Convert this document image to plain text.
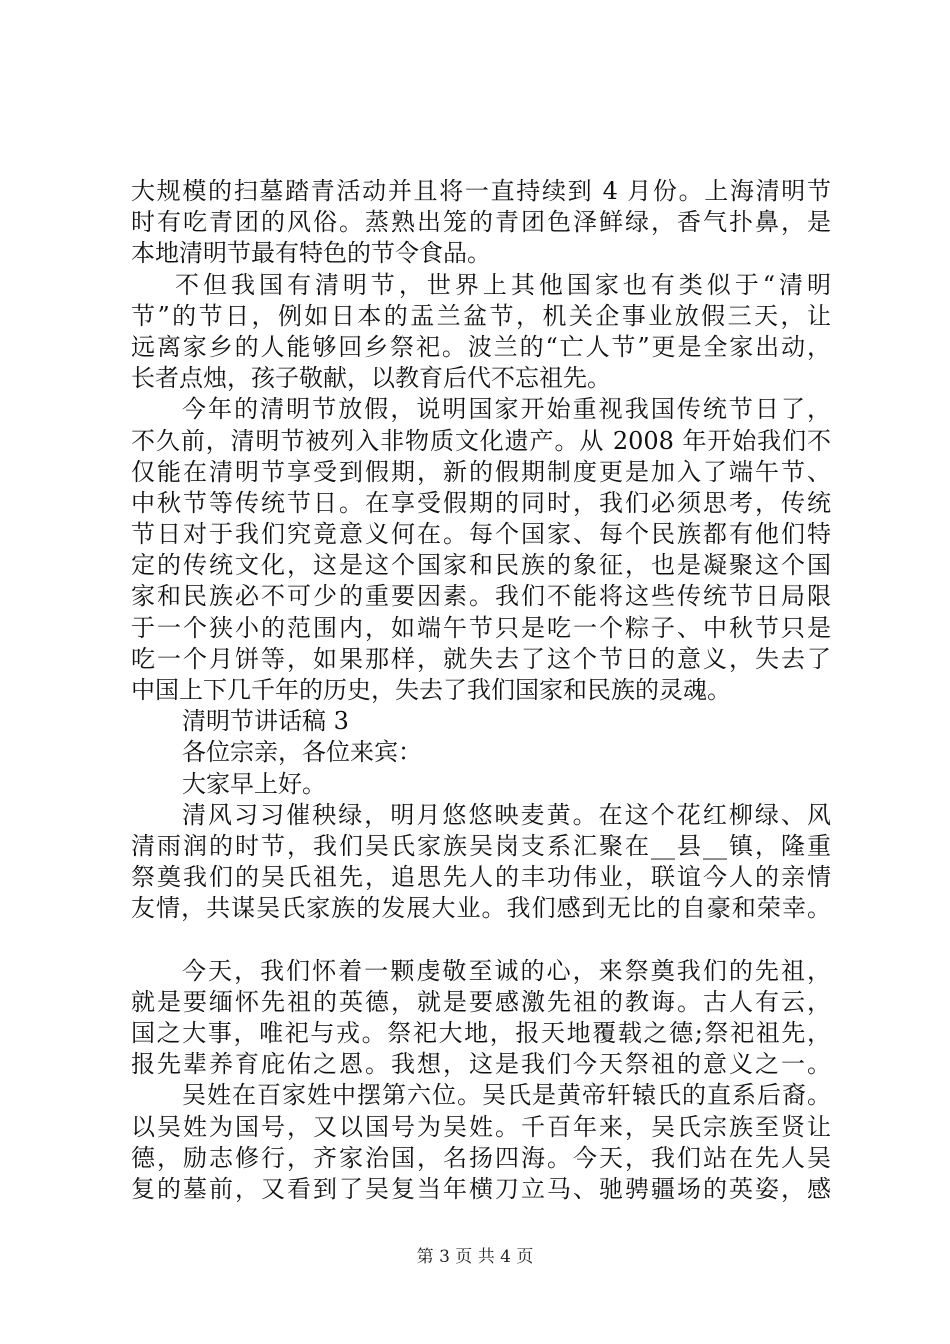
大规模的扫墓踏青活动并且将一直持续到 4 月份。上海清明节
时有吃青团的风俗。蒸熟出笼的青团色泽鲜绿，香气扑鼻，是
本地清明节最有特色的节令食品。
不但我国有清明节，世界上其他国家也有类似于“清明
节”的节日，例如日本的盂兰盆节，机关企事业放假三天，让
远离家乡的人能够回乡祭祀。波兰的“亡人节”更是全家出动，
长者点烛，孩子敬献，以教育后代不忘祖先。
今年的清明节放假，说明国家开始重视我国传统节日了，
不久前，清明节被列入非物质文化遗产。从 2008 年开始我们不
仅能在清明节享受到假期，新的假期制度更是加入了端午节、
中秋节等传统节日。在享受假期的同时，我们必须思考，传统
节日对于我们究竟意义何在。每个国家、每个民族都有他们特
定的传统文化，这是这个国家和民族的象征，也是凝聚这个国
家和民族必不可少的重要因素。我们不能将这些传统节日局限
于一个狭小的范围内，如端午节只是吃一个粽子、中秋节只是
吃一个月饼等，如果那样，就失去了这个节日的意义，失去了
中国上下几千年的历史，失去了我们国家和民族的灵魂。
清明节讲话稿 3
各位宗亲，各位来宾：
大家早上好。
清风习习催秧绿，明月悠悠映麦黄。在这个花红柳绿、风
清雨润的时节，我们吴氏家族吴岗支系汇聚在__县__镇，隆重
祭奠我们的吴氏祖先，追思先人的丰功伟业，联谊今人的亲情
友情，共谋吴氏家族的发展大业。我们感到无比的自豪和荣幸。
今天，我们怀着一颗虔敬至诚的心，来祭奠我们的先祖，
就是要缅怀先祖的英德，就是要感激先祖的教诲。古人有云，
国之大事，唯祀与戎。祭祀大地，报天地覆载之德;祭祀祖先，
报先辈养育庇佑之恩。我想，这是我们今天祭祖的意义之一。
吴姓在百家姓中摆第六位。吴氏是黄帝轩辕氏的直系后裔。
以吴姓为国号，又以国号为吴姓。千百年来，吴氏宗族至贤让
德，励志修行，齐家治国，名扬四海。今天，我们站在先人吴
复的墓前，又看到了吴复当年横刀立马、驰骋疆场的英姿，感
第 3 页 共 4 页
